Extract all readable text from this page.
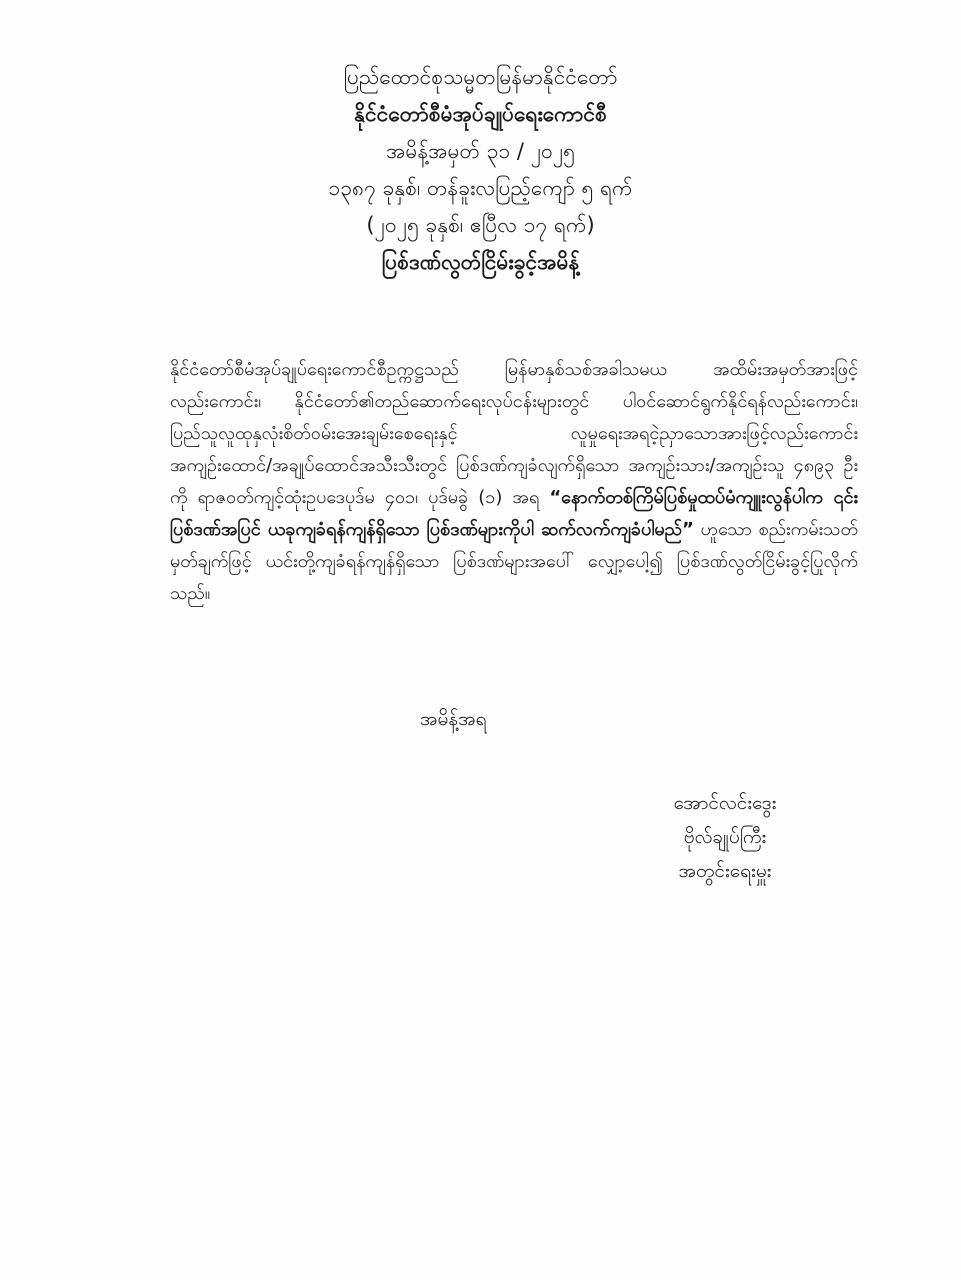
ပြည်ထောင်စုသမ္မတမြန်မာနိုင်ငံတော်
နိုင်ငံတော်စီမံအုပ်ချုပ်ရေးကောင်စီ
အမိန့်အမှတ် ၃၁ / ၂၀၂၅
၁၃၈၇ ခုနှစ်၊ တန်ခူးလပြည့်ကျော် ၅ ရက်
(၂၀၂၅ ခုနှစ်၊ ဧပြီလ ၁၇ ရက်)
ပြစ်ဒဏ်လွတ်ငြိမ်းခွင့်အမိန့်
နိုင်ငံတော်စီမံအုပ်ချုပ်ရေးကောင်စီဥက္ကဋ္ဌသည် မြန်မာနှစ်သစ်အခါသမယ အထိမ်းအမှတ်အားဖြင့်လည်းကောင်း၊ နိုင်ငံတော်၏တည်ဆောက်ရေးလုပ်ငန်းများတွင် ပါဝင်ဆောင်ရွက်နိုင်ရန်လည်းကောင်း၊ ပြည်သူလူထုနှလုံးစိတ်ဝမ်းအေးချမ်းစေရေးနှင့် လူမှုရေးအရငဲ့ညှာသောအားဖြင့်လည်းကောင်း အကျဉ်းထောင်/အချုပ်ထောင်အသီးသီးတွင် ပြစ်ဒဏ်ကျခံလျက်ရှိသော အကျဉ်းသား/အကျဉ်းသူ ၄၈၉၃ ဦး ကို ရာဇဝတ်ကျင့်ထုံးဥပဒေပုဒ်မ ၄၀၁၊ ပုဒ်မခွဲ (၁) အရ “နောက်တစ်ကြိမ်ပြစ်မှုထပ်မံကျူးလွန်ပါက ၎င်းပြစ်ဒဏ်အပြင် ယခုကျခံရန်ကျန်ရှိသော ပြစ်ဒဏ်များကိုပါ ဆက်လက်ကျခံပါမည်” ဟူသော စည်းကမ်းသတ်မှတ်ချက်ဖြင့် ယင်းတို့ကျခံရန်ကျန်ရှိသော ပြစ်ဒဏ်များအပေါ် လျှော့ပေါ့၍ ပြစ်ဒဏ်လွတ်ငြိမ်းခွင့်ပြုလိုက်သည်။
အမိန့်အရ
အောင်လင်းဒွေး
ဗိုလ်ချုပ်ကြီး
အတွင်းရေးမှူး
